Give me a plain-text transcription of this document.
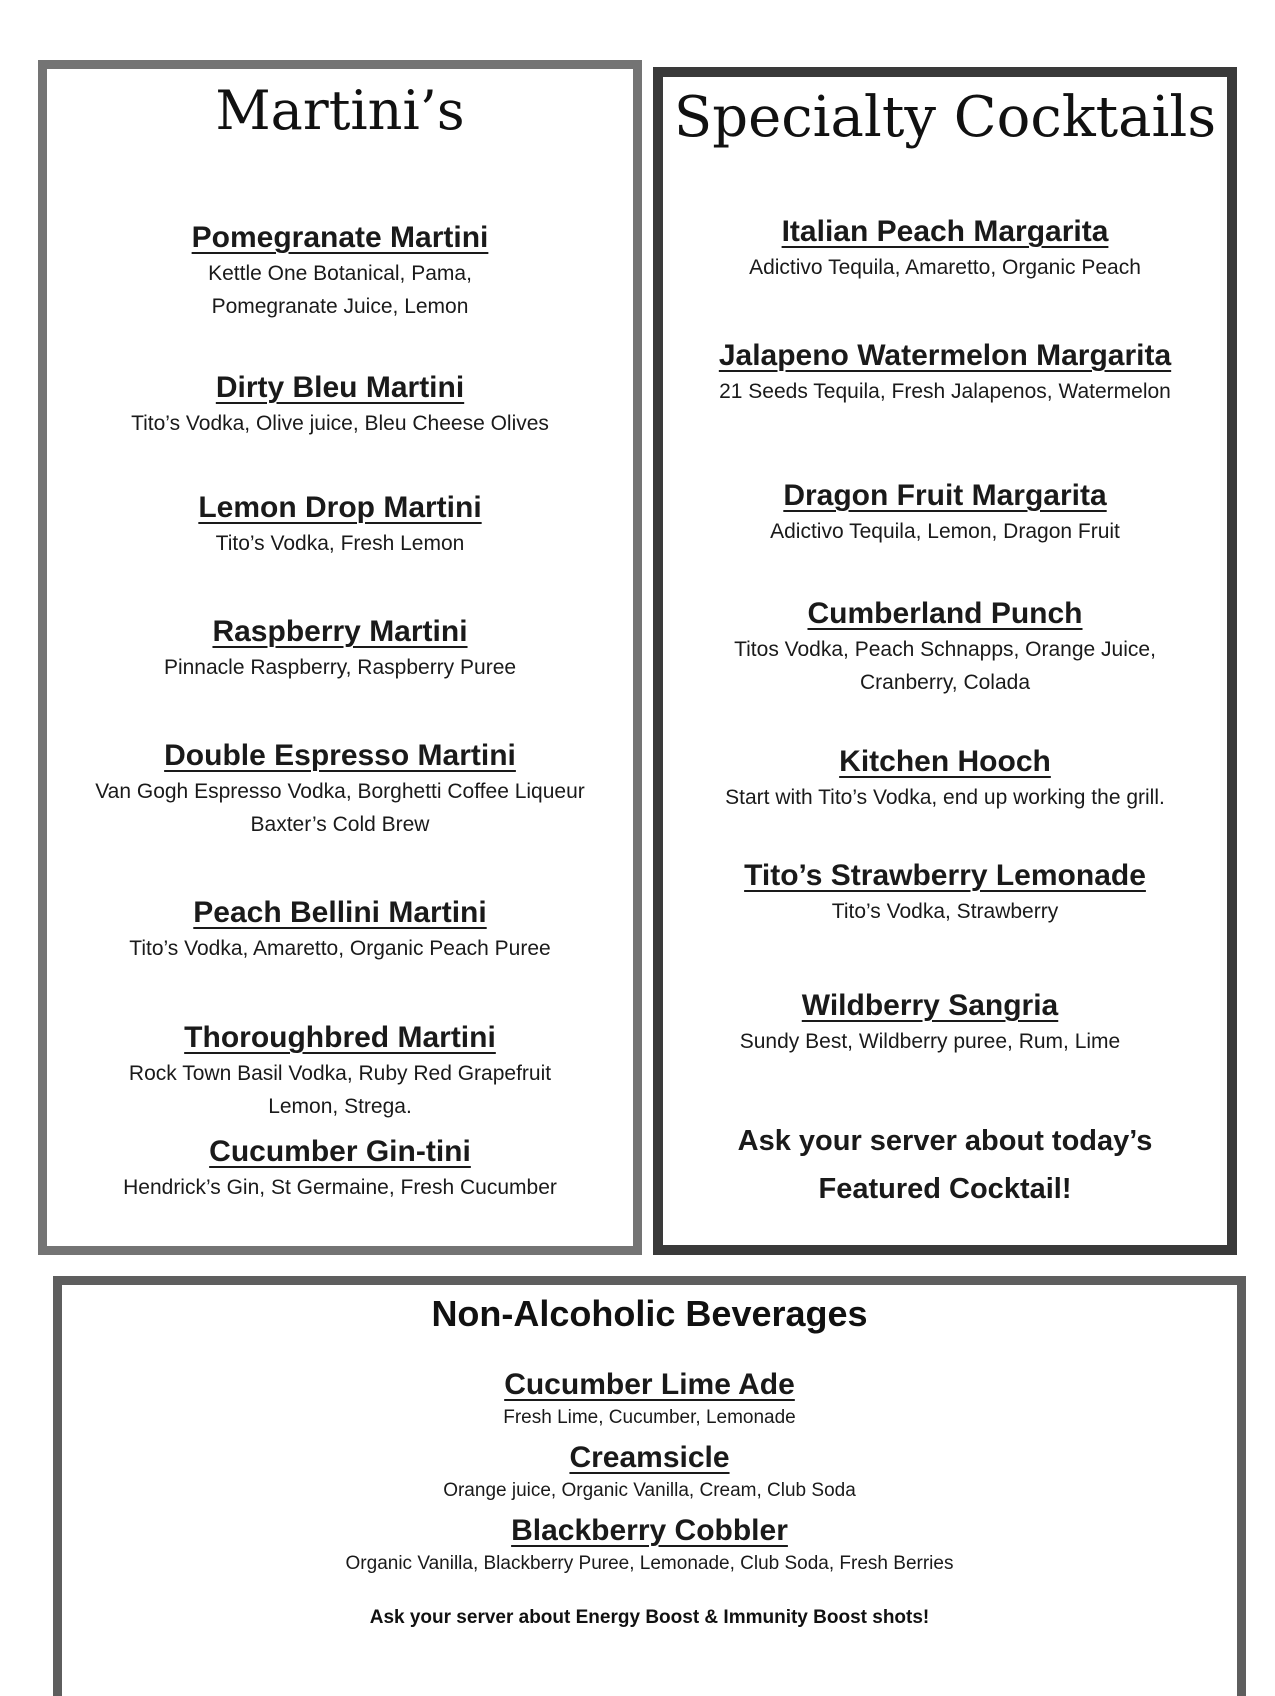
Martini’s
Pomegranate Martini
Kettle One Botanical, Pama,
Pomegranate Juice, Lemon
Dirty Bleu Martini
Tito’s Vodka, Olive juice, Bleu Cheese Olives
Lemon Drop Martini
Tito’s Vodka, Fresh Lemon
Raspberry Martini
Pinnacle Raspberry, Raspberry Puree
Double Espresso Martini
Van Gogh Espresso Vodka, Borghetti Coffee Liqueur
Baxter’s Cold Brew
Peach Bellini Martini
Tito’s Vodka, Amaretto, Organic Peach Puree
Thoroughbred Martini
Rock Town Basil Vodka, Ruby Red Grapefruit
Lemon, Strega.
Cucumber Gin-tini
Hendrick’s Gin, St Germaine, Fresh Cucumber
Specialty Cocktails
Italian Peach Margarita
Adictivo Tequila, Amaretto, Organic Peach
Jalapeno Watermelon Margarita
21 Seeds Tequila, Fresh Jalapenos, Watermelon
Dragon Fruit Margarita
Adictivo Tequila, Lemon, Dragon Fruit
Cumberland Punch
Titos Vodka, Peach Schnapps, Orange Juice,
Cranberry, Colada
Kitchen Hooch
Start with Tito’s Vodka, end up working the grill.
Tito’s Strawberry Lemonade
Tito’s Vodka, Strawberry
Wildberry Sangria
Sundy Best, Wildberry puree, Rum, Lime
Ask your server about today’s
Featured Cocktail!
Non-Alcoholic Beverages
Cucumber Lime Ade
Fresh Lime, Cucumber, Lemonade
Creamsicle
Orange juice, Organic Vanilla, Cream, Club Soda
Blackberry Cobbler
Organic Vanilla, Blackberry Puree, Lemonade, Club Soda, Fresh Berries
Ask your server about Energy Boost & Immunity Boost shots!
